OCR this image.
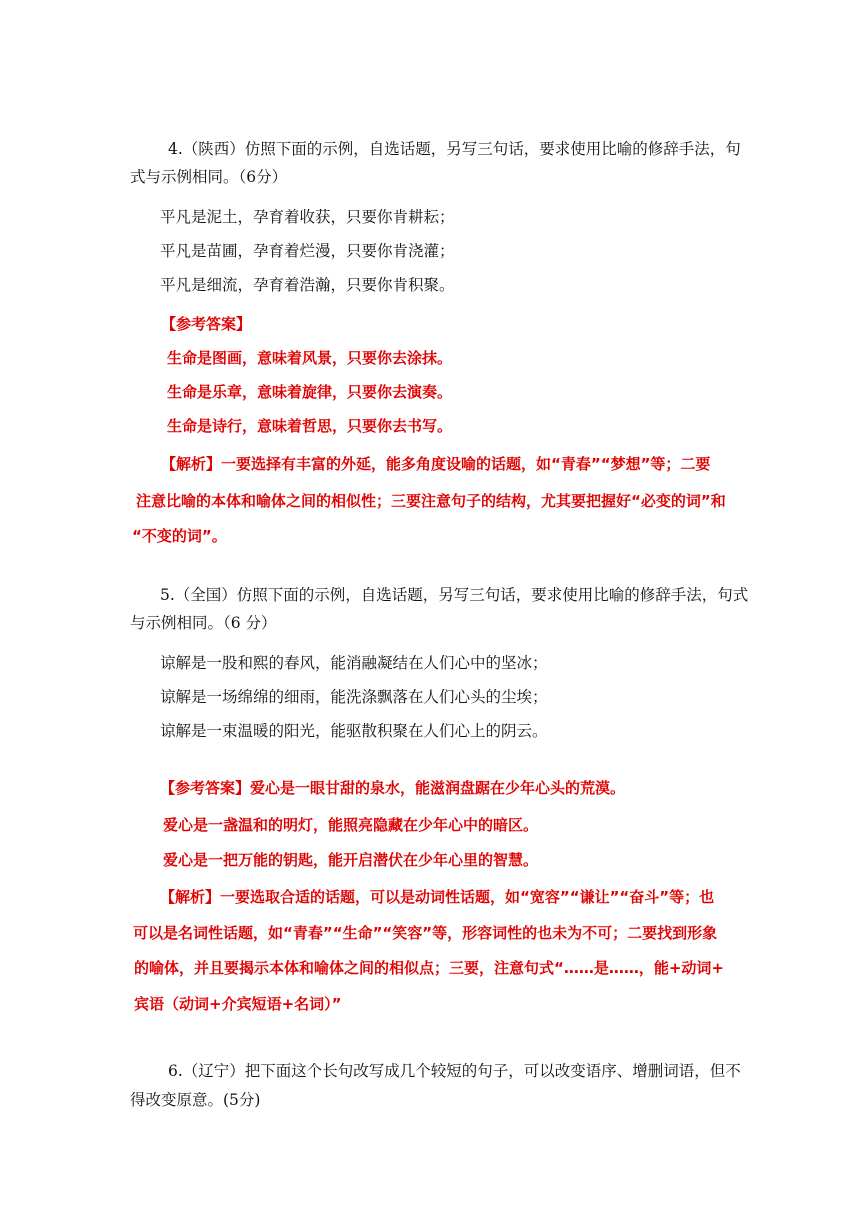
4.（陕西）仿照下面的示例，自选话题，另写三句话，要求使用比喻的修辞手法，句
式与示例相同。（6分）
平凡是泥土，孕育着收获，只要你肯耕耘；
平凡是苗圃，孕育着烂漫，只要你肯浇灌；
平凡是细流，孕育着浩瀚，只要你肯积聚。
【参考答案】
生命是图画，意味着风景，只要你去涂抹。
生命是乐章，意味着旋律，只要你去演奏。
生命是诗行，意味着哲思，只要你去书写。
【解析】一要选择有丰富的外延，能多角度设喻的话题，如“青春”“梦想”等；二要
注意比喻的本体和喻体之间的相似性；三要注意句子的结构，尤其要把握好“必变的词”和
“不变的词”。
5.（全国）仿照下面的示例，自选话题，另写三句话，要求使用比喻的修辞手法，句式
与示例相同。（6 分）
谅解是一股和熙的春风，能消融凝结在人们心中的坚冰；
谅解是一场绵绵的细雨，能洗涤飘落在人们心头的尘埃；
谅解是一束温暖的阳光，能驱散积聚在人们心上的阴云。
【参考答案】爱心是一眼甘甜的泉水，能滋润盘踞在少年心头的荒漠。
爱心是一盏温和的明灯，能照亮隐藏在少年心中的暗区。
爱心是一把万能的钥匙，能开启潜伏在少年心里的智慧。
【解析】一要选取合适的话题，可以是动词性话题，如“宽容”“谦让”“奋斗”等；也
可以是名词性话题，如“青春”“生命”“笑容”等，形容词性的也未为不可；二要找到形象
的喻体，并且要揭示本体和喻体之间的相似点；三要，注意句式“……是……，能+动词+
宾语（动词+介宾短语+名词）”
6.（辽宁）把下面这个长句改写成几个较短的句子，可以改变语序、增删词语，但不
得改变原意。(5分)
